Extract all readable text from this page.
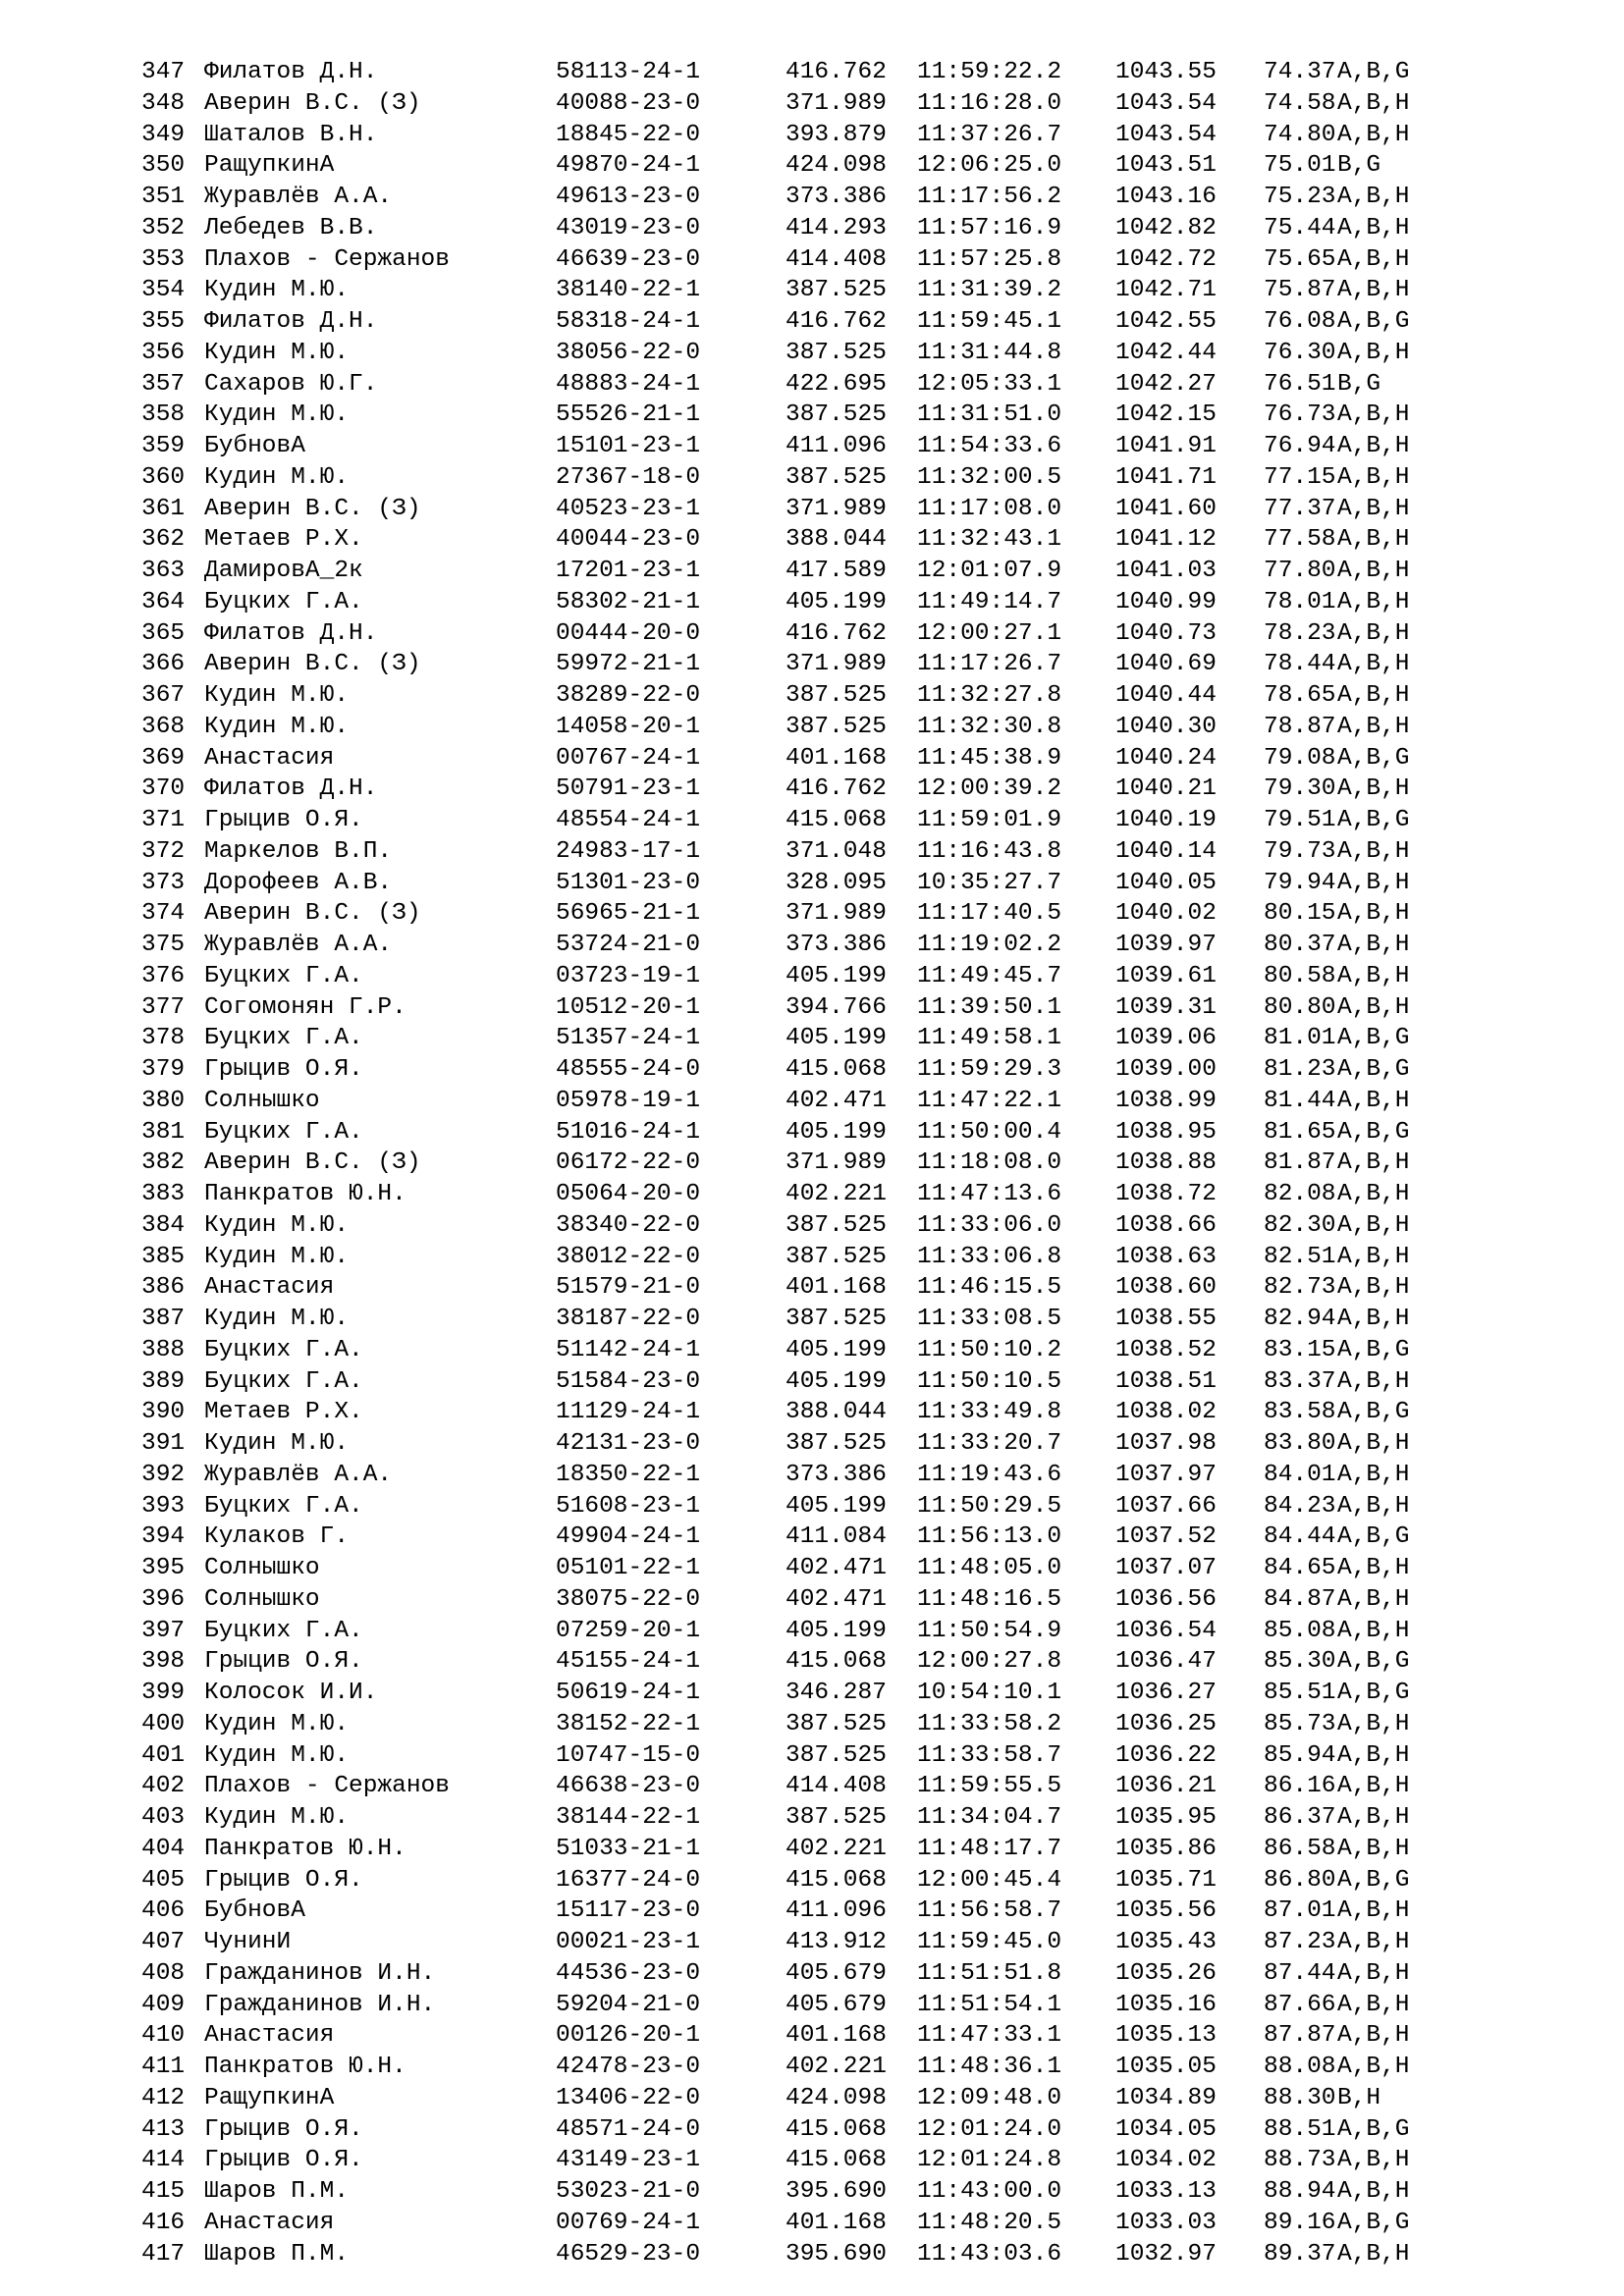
347 Филатов Д.Н.	58113-24-1	416.762 11:59:22.2 1043.55 74.37 A,B,G
348 Аверин В.С. (З)	40088-23-0	371.989 11:16:28.0 1043.54 74.58 A,B,H
349 Шаталов В.Н.	18845-22-0	393.879 11:37:26.7 1043.54 74.80 A,B,H
350 РащупкинА	49870-24-1	424.098 12:06:25.0 1043.51 75.01 B,G
351 Журавлёв А.А.	49613-23-0	373.386 11:17:56.2 1043.16 75.23 A,B,H
352 Лебедев В.В.	43019-23-0	414.293 11:57:16.9 1042.82 75.44 A,B,H
353 Плахов - Сержанов	46639-23-0	414.408 11:57:25.8 1042.72 75.65 A,B,H
354 Кудин М.Ю.	38140-22-1	387.525 11:31:39.2 1042.71 75.87 A,B,H
355 Филатов Д.Н.	58318-24-1	416.762 11:59:45.1 1042.55 76.08 A,B,G
356 Кудин М.Ю.	38056-22-0	387.525 11:31:44.8 1042.44 76.30 A,B,H
357 Сахаров Ю.Г.	48883-24-1	422.695 12:05:33.1 1042.27 76.51 B,G
358 Кудин М.Ю.	55526-21-1	387.525 11:31:51.0 1042.15 76.73 A,B,H
359 БубновА	15101-23-1	411.096 11:54:33.6 1041.91 76.94 A,B,H
360 Кудин М.Ю.	27367-18-0	387.525 11:32:00.5 1041.71 77.15 A,B,H
361 Аверин В.С. (З)	40523-23-1	371.989 11:17:08.0 1041.60 77.37 A,B,H
362 Метаев Р.Х.	40044-23-0	388.044 11:32:43.1 1041.12 77.58 A,B,H
363 ДамировА_2к	17201-23-1	417.589 12:01:07.9 1041.03 77.80 A,B,H
364 Буцких Г.А.	58302-21-1	405.199 11:49:14.7 1040.99 78.01 A,B,H
365 Филатов Д.Н.	00444-20-0	416.762 12:00:27.1 1040.73 78.23 A,B,H
366 Аверин В.С. (З)	59972-21-1	371.989 11:17:26.7 1040.69 78.44 A,B,H
367 Кудин М.Ю.	38289-22-0	387.525 11:32:27.8 1040.44 78.65 A,B,H
368 Кудин М.Ю.	14058-20-1	387.525 11:32:30.8 1040.30 78.87 A,B,H
369 Анастасия	00767-24-1	401.168 11:45:38.9 1040.24 79.08 A,B,G
370 Филатов Д.Н.	50791-23-1	416.762 12:00:39.2 1040.21 79.30 A,B,H
371 Грыцив О.Я.	48554-24-1	415.068 11:59:01.9 1040.19 79.51 A,B,G
372 Маркелов В.П.	24983-17-1	371.048 11:16:43.8 1040.14 79.73 A,B,H
373 Дорофеев А.В.	51301-23-0	328.095 10:35:27.7 1040.05 79.94 A,B,H
374 Аверин В.С. (З)	56965-21-1	371.989 11:17:40.5 1040.02 80.15 A,B,H
375 Журавлёв А.А.	53724-21-0	373.386 11:19:02.2 1039.97 80.37 A,B,H
376 Буцких Г.А.	03723-19-1	405.199 11:49:45.7 1039.61 80.58 A,B,H
377 Согомонян Г.Р.	10512-20-1	394.766 11:39:50.1 1039.31 80.80 A,B,H
378 Буцких Г.А.	51357-24-1	405.199 11:49:58.1 1039.06 81.01 A,B,G
379 Грыцив О.Я.	48555-24-0	415.068 11:59:29.3 1039.00 81.23 A,B,G
380 Солнышко	05978-19-1	402.471 11:47:22.1 1038.99 81.44 A,B,H
381 Буцких Г.А.	51016-24-1	405.199 11:50:00.4 1038.95 81.65 A,B,G
382 Аверин В.С. (З)	06172-22-0	371.989 11:18:08.0 1038.88 81.87 A,B,H
383 Панкратов Ю.Н.	05064-20-0	402.221 11:47:13.6 1038.72 82.08 A,B,H
384 Кудин М.Ю.	38340-22-0	387.525 11:33:06.0 1038.66 82.30 A,B,H
385 Кудин М.Ю.	38012-22-0	387.525 11:33:06.8 1038.63 82.51 A,B,H
386 Анастасия	51579-21-0	401.168 11:46:15.5 1038.60 82.73 A,B,H
387 Кудин М.Ю.	38187-22-0	387.525 11:33:08.5 1038.55 82.94 A,B,H
388 Буцких Г.А.	51142-24-1	405.199 11:50:10.2 1038.52 83.15 A,B,G
389 Буцких Г.А.	51584-23-0	405.199 11:50:10.5 1038.51 83.37 A,B,H
390 Метаев Р.Х.	11129-24-1	388.044 11:33:49.8 1038.02 83.58 A,B,G
391 Кудин М.Ю.	42131-23-0	387.525 11:33:20.7 1037.98 83.80 A,B,H
392 Журавлёв А.А.	18350-22-1	373.386 11:19:43.6 1037.97 84.01 A,B,H
393 Буцких Г.А.	51608-23-1	405.199 11:50:29.5 1037.66 84.23 A,B,H
394 Кулаков Г.	49904-24-1	411.084 11:56:13.0 1037.52 84.44 A,B,G
395 Солнышко	05101-22-1	402.471 11:48:05.0 1037.07 84.65 A,B,H
396 Солнышко	38075-22-0	402.471 11:48:16.5 1036.56 84.87 A,B,H
397 Буцких Г.А.	07259-20-1	405.199 11:50:54.9 1036.54 85.08 A,B,H
398 Грыцив О.Я.	45155-24-1	415.068 12:00:27.8 1036.47 85.30 A,B,G
399 Колосок И.И.	50619-24-1	346.287 10:54:10.1 1036.27 85.51 A,B,G
400 Кудин М.Ю.	38152-22-1	387.525 11:33:58.2 1036.25 85.73 A,B,H
401 Кудин М.Ю.	10747-15-0	387.525 11:33:58.7 1036.22 85.94 A,B,H
402 Плахов - Сержанов	46638-23-0	414.408 11:59:55.5 1036.21 86.16 A,B,H
403 Кудин М.Ю.	38144-22-1	387.525 11:34:04.7 1035.95 86.37 A,B,H
404 Панкратов Ю.Н.	51033-21-1	402.221 11:48:17.7 1035.86 86.58 A,B,H
405 Грыцив О.Я.	16377-24-0	415.068 12:00:45.4 1035.71 86.80 A,B,G
406 БубновА	15117-23-0	411.096 11:56:58.7 1035.56 87.01 A,B,H
407 ЧунинИ	00021-23-1	413.912 11:59:45.0 1035.43 87.23 A,B,H
408 Гражданинов И.Н.	44536-23-0	405.679 11:51:51.8 1035.26 87.44 A,B,H
409 Гражданинов И.Н.	59204-21-0	405.679 11:51:54.1 1035.16 87.66 A,B,H
410 Анастасия	00126-20-1	401.168 11:47:33.1 1035.13 87.87 A,B,H
411 Панкратов Ю.Н.	42478-23-0	402.221 11:48:36.1 1035.05 88.08 A,B,H
412 РащупкинА	13406-22-0	424.098 12:09:48.0 1034.89 88.30 B,H
413 Грыцив О.Я.	48571-24-0	415.068 12:01:24.0 1034.05 88.51 A,B,G
414 Грыцив О.Я.	43149-23-1	415.068 12:01:24.8 1034.02 88.73 A,B,H
415 Шаров П.М.	53023-21-0	395.690 11:43:00.0 1033.13 88.94 A,B,H
416 Анастасия	00769-24-1	401.168 11:48:20.5 1033.03 89.16 A,B,G
417 Шаров П.М.	46529-23-0	395.690 11:43:03.6 1032.97 89.37 A,B,H
